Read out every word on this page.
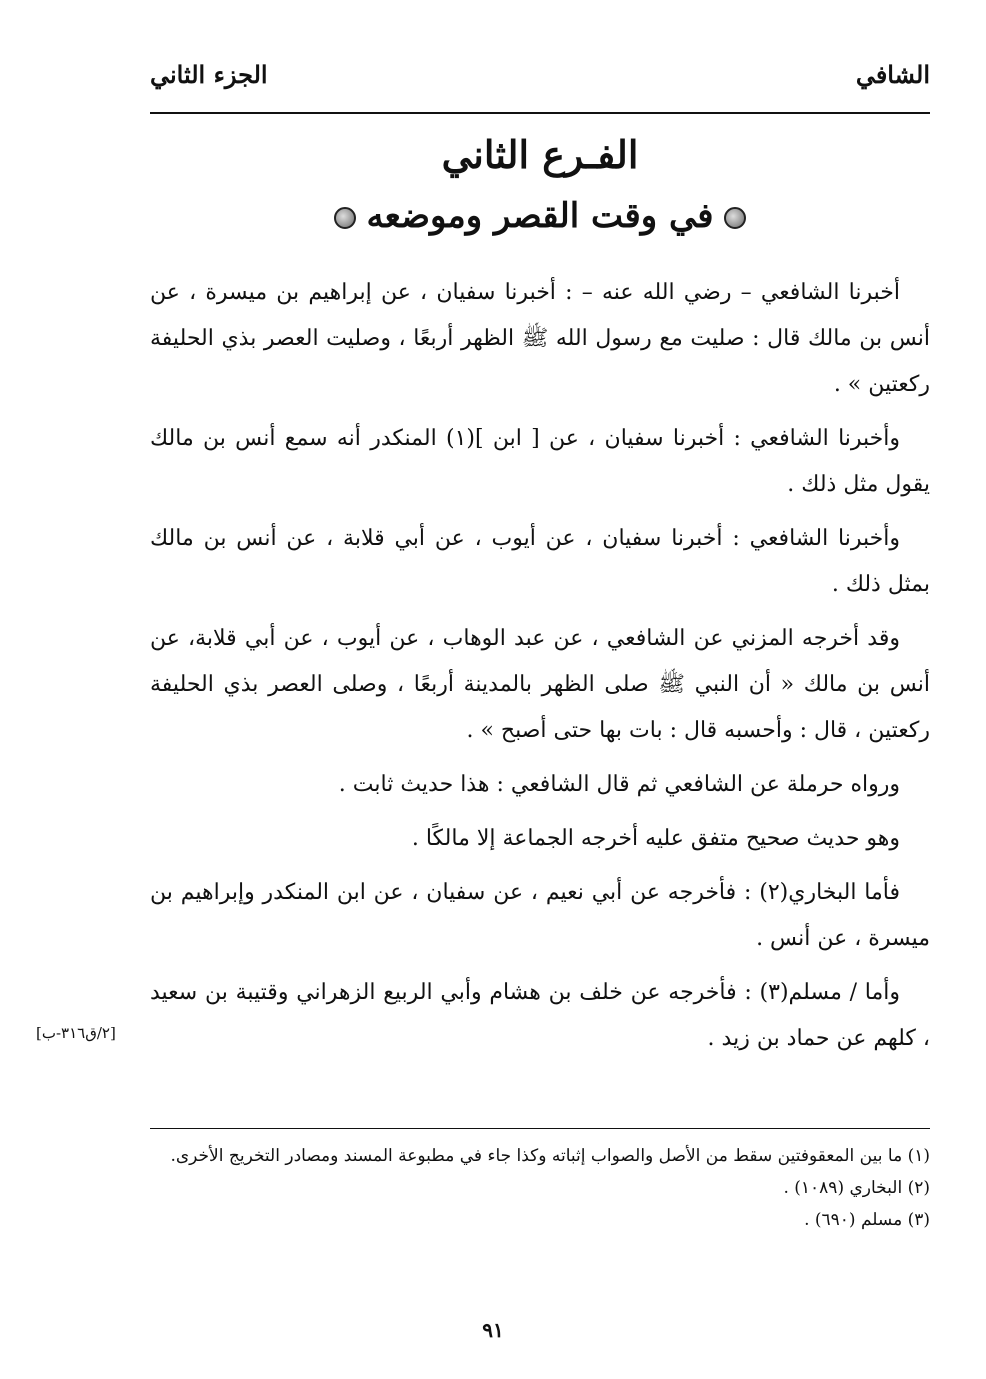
الشافي
الجزء الثاني
الفـرع الثاني
في وقت القصر وموضعه

أخبرنا الشافعي – رضي الله عنه – : أخبرنا سفيان ، عن إبراهيم بن ميسرة ، عن أنس بن مالك قال : صليت مع رسول الله ﷺ الظهر أربعًا ، وصليت العصر بذي الحليفة ركعتين » .

وأخبرنا الشافعي : أخبرنا سفيان ، عن [ ابن ](١) المنكدر أنه سمع أنس بن مالك يقول مثل ذلك .

وأخبرنا الشافعي : أخبرنا سفيان ، عن أيوب ، عن أبي قلابة ، عن أنس بن مالك بمثل ذلك .

وقد أخرجه المزني عن الشافعي ، عن عبد الوهاب ، عن أيوب ، عن أبي قلابة، عن أنس بن مالك « أن النبي ﷺ صلى الظهر بالمدينة أربعًا ، وصلى العصر بذي الحليفة ركعتين ، قال : وأحسبه قال : بات بها حتى أصبح » .

ورواه حرملة عن الشافعي ثم قال الشافعي : هذا حديث ثابت .

وهو حديث صحيح متفق عليه أخرجه الجماعة إلا مالكًا .

فأما البخاري(٢) : فأخرجه عن أبي نعيم ، عن سفيان ، عن ابن المنكدر وإبراهيم بن ميسرة ، عن أنس .

وأما / مسلم(٣) : فأخرجه عن خلف بن هشام وأبي الربيع الزهراني وقتيبة بن سعيد ، كلهم عن حماد بن زيد .

[٢/ق٣١٦-ب]
(١) ما بين المعقوفتين سقط من الأصل والصواب إثباته وكذا جاء في مطبوعة المسند ومصادر التخريج الأخرى.
(٢) البخاري (١٠٨٩) .
(٣) مسلم (٦٩٠) .
٩١
